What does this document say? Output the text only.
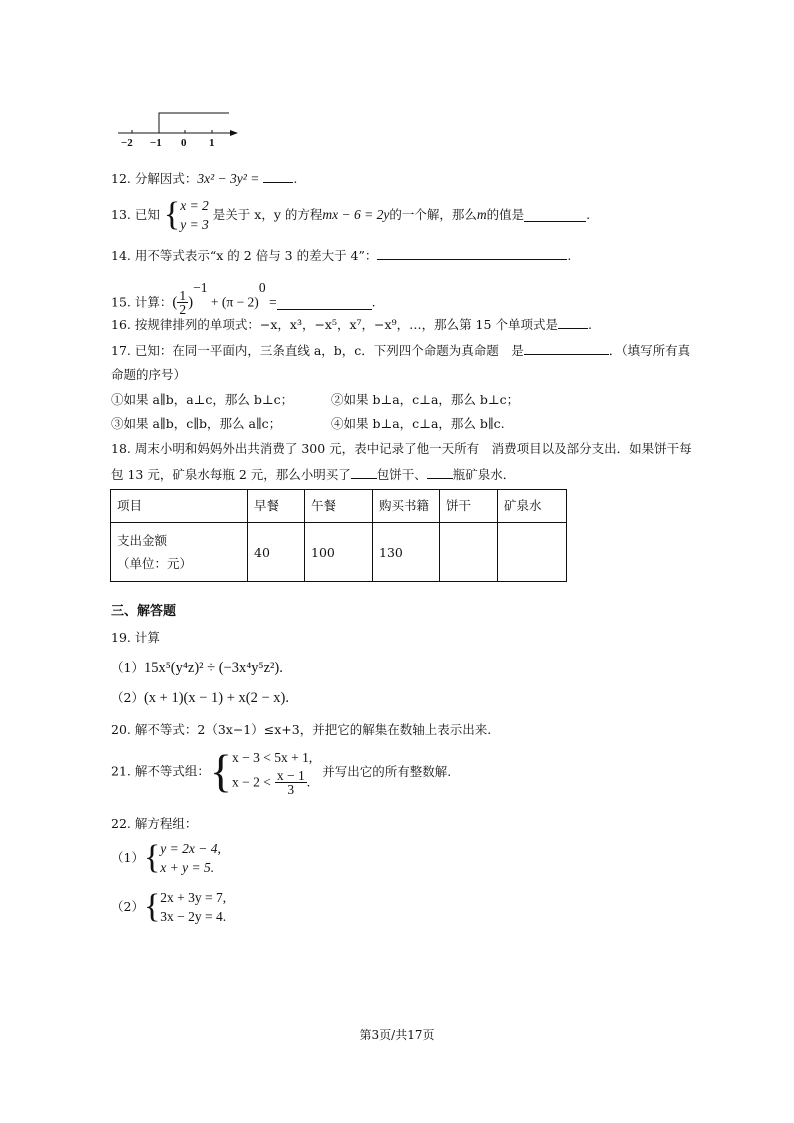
−2 −1 0 1
12. 分解因式：3x² − 3y² =	.
13. 已知 { x = 2
y = 3
是关于 x，y 的方程mx − 6 = 2y的一个解，那么m的值是	.
14. 用不等式表示“x 的 2 倍与 3 的差大于 4”：	.
15. 计算：( $\frac{1}{2} )^{-1} + (\pi - 2)^0$ =	.
16. 按规律排列的单项式：−x，x³，−x⁵，x⁷，−x⁹，…，那么第 15 个单项式是 .
17. 已知：在同一平面内，三条直线 a，b，c．下列四个命题为真命题　是	．（填写所有真
命题的序号）
①如果 a∥b，a⊥c，那么 b⊥c；	②如果 b⊥a，c⊥a，那么 b⊥c；
③如果 a∥b，c∥b，那么 a∥c；	④如果 b⊥a，c⊥a，那么 b∥c.
18. 周末小明和妈妈外出共消费了 300 元，表中记录了他一天所有　消费项目以及部分支出．如果饼干每
包 13 元，矿泉水每瓶 2 元，那么小明买了 包饼干、 瓶矿泉水．
项目	早餐	午餐	购买书籍	饼干	矿泉水

支出金额
（单位：元）	40	100	130		
三、解答题
19. 计算
（1）15x⁵(y⁴z)² ÷ (−3x⁴y⁵z²).
（2）(x + 1)(x − 1) + x(2 − x).
20. 解不等式：2（3x−1）≤x+3，并把它的解集在数轴上表示出来.
21. 解不等式组：{ x − 3 < 5x + 1,
$x - 2 < \frac{x - 1}{3}$ .
并写出它的所有整数解.
22. 解方程组：
（1）{ y = 2x − 4,
x + y = 5.
（2）{ 2x + 3y = 7,
3x − 2y = 4.
第3页/共17页
